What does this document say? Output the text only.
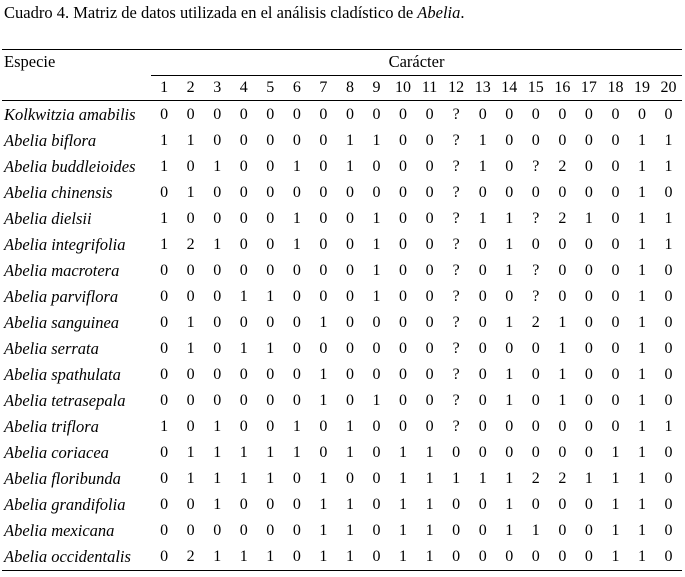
Cuadro 4. Matriz de datos utilizada en el análisis cladístico de Abelia.
Especie	Carácter
1	2	3	4	5	6	7	8	9 10 11 12 13 14 15 16 17 18 19 20
Kolkwitzia amabilis	0	0	0	0	0	0	0	0	0	0	0	?	0	0	0	0	0	0	0	0
Abelia biflora	1	1	0	0	0	0	0	1	1	0	0	?	1	0	0	0	0	0	1	1
Abelia buddleioides	1	0	1	0	0	1	0	1	0	0	0	?	1	0	?	2	0	0	1	1
Abelia chinensis	0	1	0	0	0	0	0	0	0	0	0	?	0	0	0	0	0	0	1	0
Abelia dielsii	1	0	0	0	0	1	0	0	1	0	0	?	1	1	?	2	1	0	1	1
Abelia integrifolia	1	2	1	0	0	1	0	0	1	0	0	?	0	1	0	0	0	0	1	1
Abelia macrotera	0	0	0	0	0	0	0	0	1	0	0	?	0	1	?	0	0	0	1	0
Abelia parviflora	0	0	0	1	1	0	0	0	1	0	0	?	0	0	?	0	0	0	1	0
Abelia sanguinea	0	1	0	0	0	0	1	0	0	0	0	?	0	1	2	1	0	0	1	0
Abelia serrata	0	1	0	1	1	0	0	0	0	0	0	?	0	0	0	1	0	0	1	0
Abelia spathulata	0	0	0	0	0	0	1	0	0	0	0	?	0	1	0	1	0	0	1	0
Abelia tetrasepala	0	0	0	0	0	0	1	0	1	0	0	?	0	1	0	1	0	0	1	0
Abelia triflora	1	0	1	0	0	1	0	1	0	0	0	?	0	0	0	0	0	0	1	1
Abelia coriacea	0	1	1	1	1	1	0	1	0	1	1	0	0	0	0	0	0	1	1	0
Abelia floribunda	0	1	1	1	1	0	1	0	0	1	1	1	1	1	2	2	1	1	1	0
Abelia grandifolia	0	0	1	0	0	0	1	1	0	1	1	0	0	1	0	0	0	1	1	0
Abelia mexicana	0	0	0	0	0	0	1	1	0	1	1	0	0	1	1	0	0	1	1	0
Abelia occidentalis	0	2	1	1	1	0	1	1	0	1	1	0	0	0	0	0	0	1	1	0
